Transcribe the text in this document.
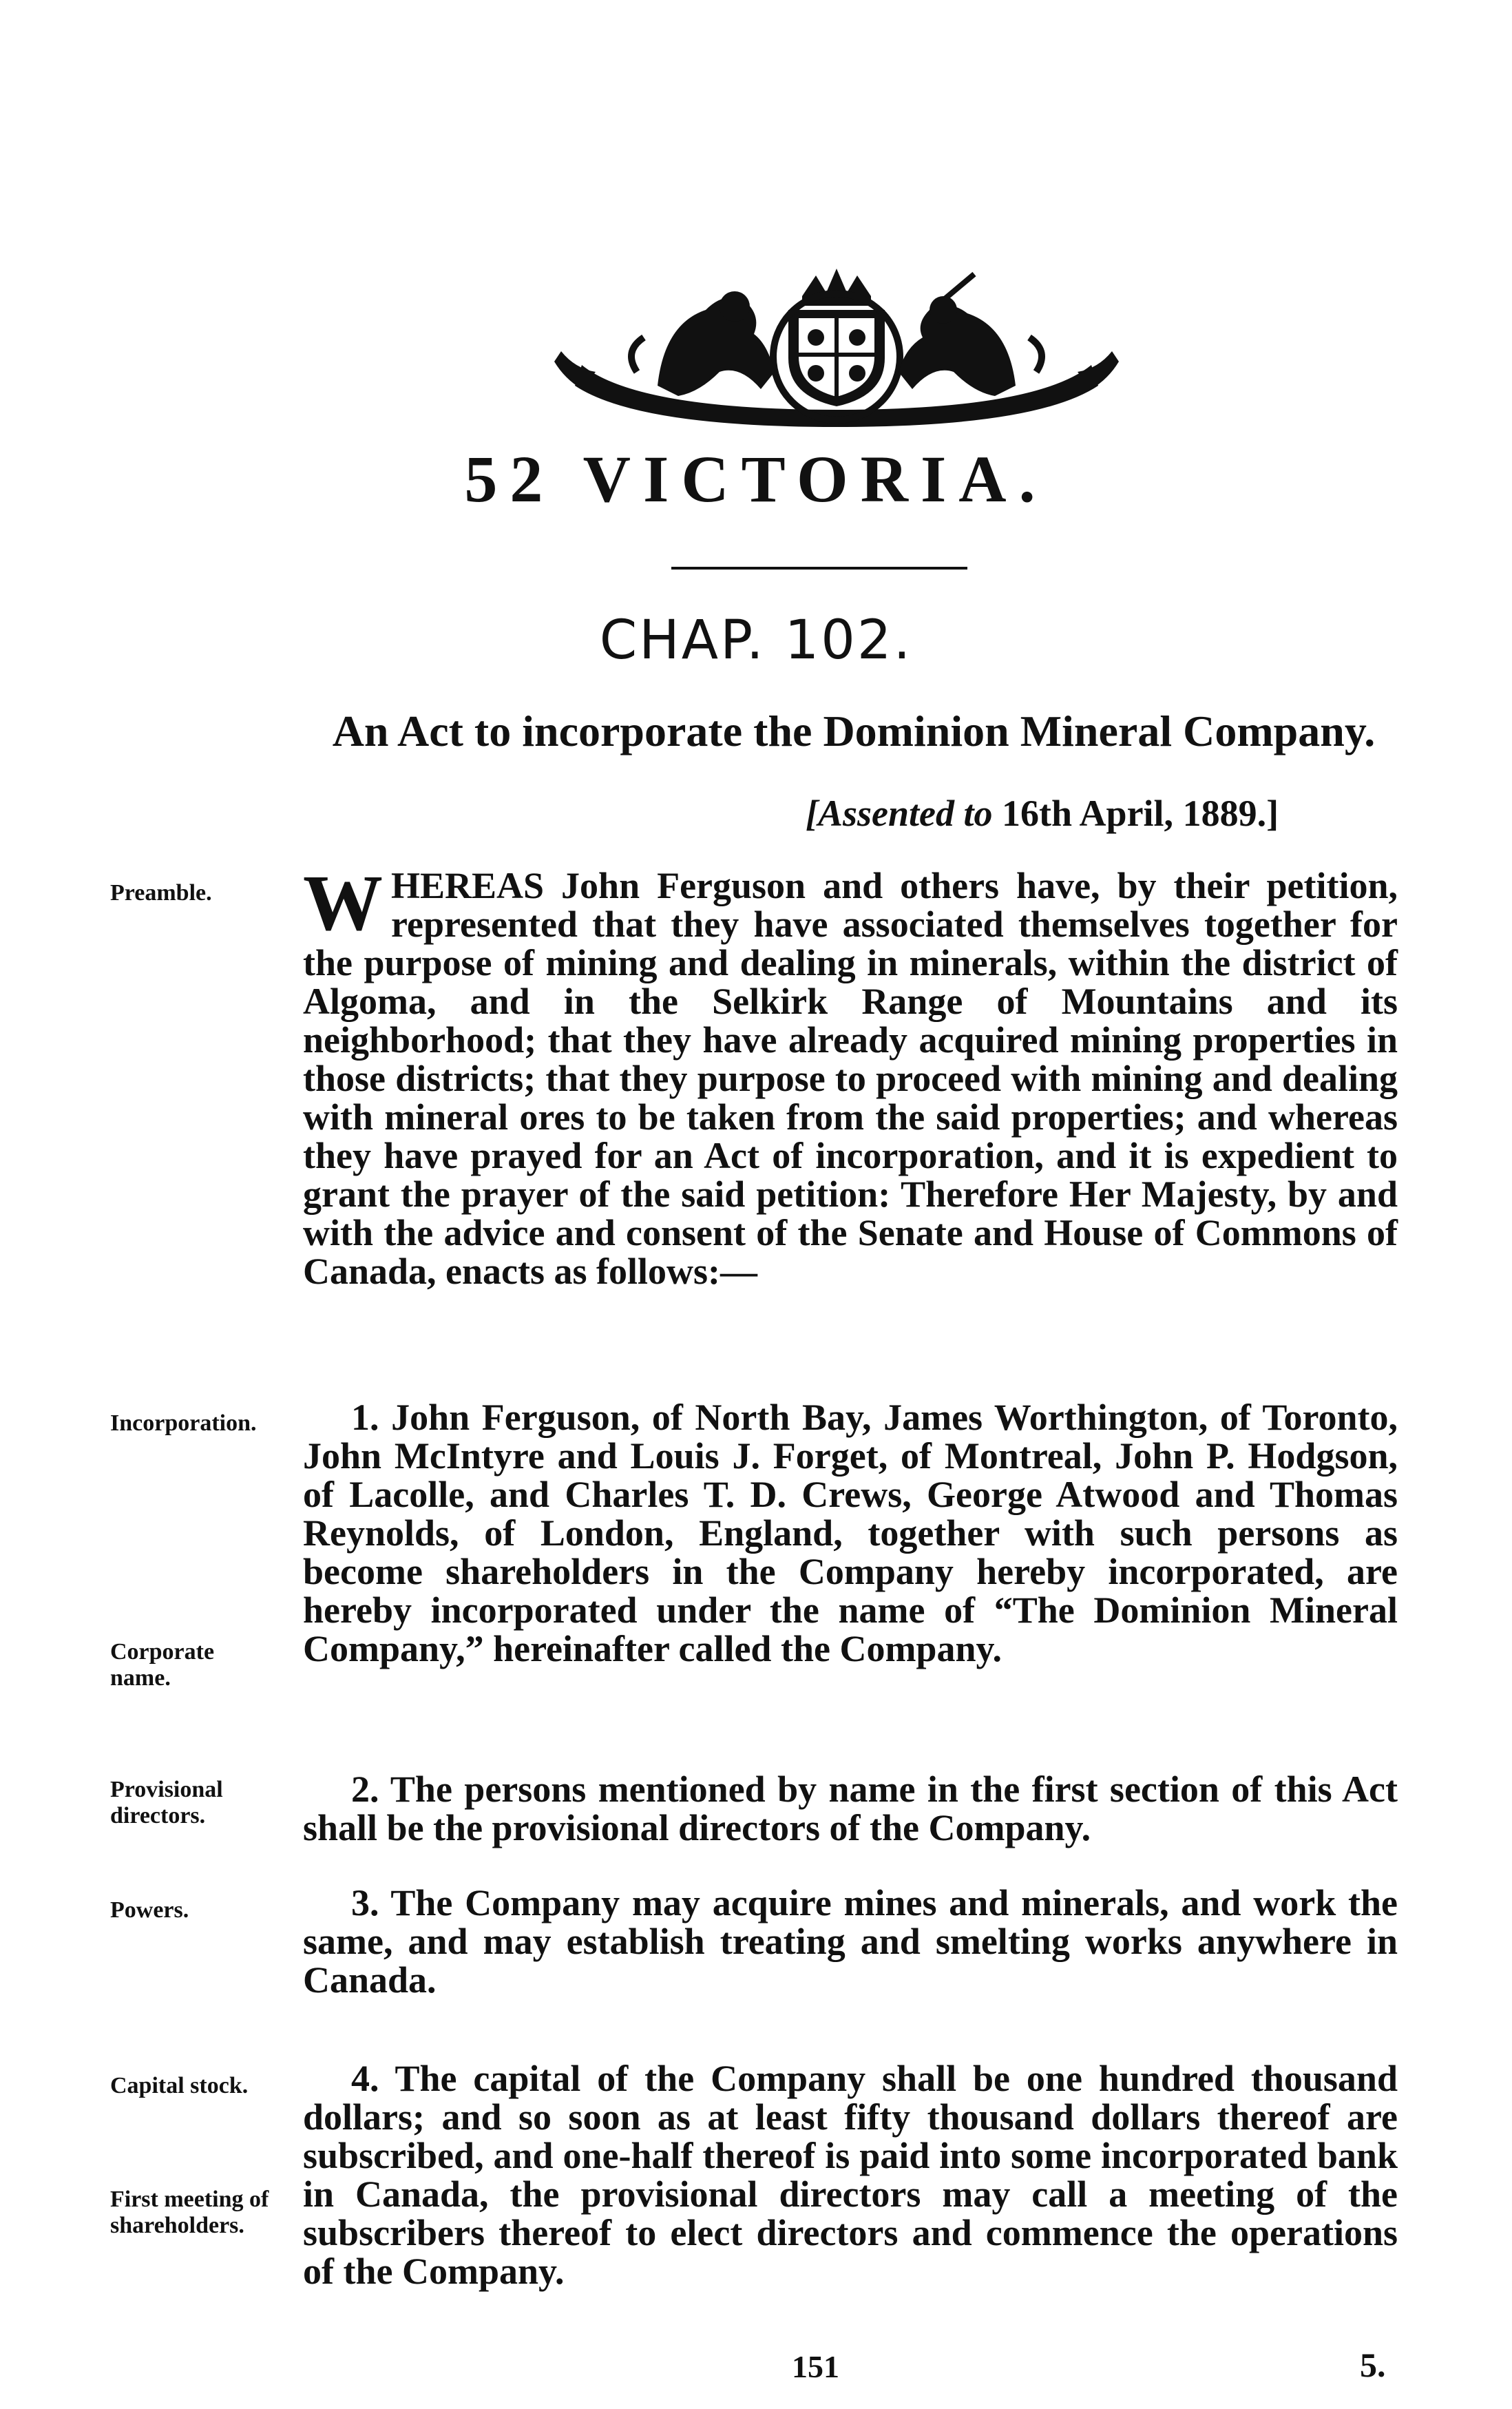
52 VICTORIA.
CHAP. 102.
An Act to incorporate the Dominion Mineral Company.
[Assented to 16th April, 1889.]
Preamble.
Incorporation.
Corporate name.
Provisional directors.
Powers.
Capital stock.
First meeting of shareholders.
WHEREAS John Ferguson and others have, by their petition, represented that they have associated themselves together for the purpose of mining and dealing in minerals, within the district of Algoma, and in the Selkirk Range of Mountains and its neighborhood; that they have already acquired mining properties in those districts; that they purpose to proceed with mining and dealing with mineral ores to be taken from the said properties; and whereas they have prayed for an Act of incorporation, and it is expedient to grant the prayer of the said petition: Therefore Her Majesty, by and with the advice and consent of the Senate and House of Commons of Canada, enacts as follows:—
1. John Ferguson, of North Bay, James Worthington, of Toronto, John McIntyre and Louis J. Forget, of Montreal, John P. Hodgson, of Lacolle, and Charles T. D. Crews, George Atwood and Thomas Reynolds, of London, England, together with such persons as become shareholders in the Company hereby incorporated, are hereby incorporated under the name of “The Dominion Mineral Company,” hereinafter called the Company.
2. The persons mentioned by name in the first section of this Act shall be the provisional directors of the Company.
3. The Company may acquire mines and minerals, and work the same, and may establish treating and smelting works anywhere in Canada.
4. The capital of the Company shall be one hundred thousand dollars; and so soon as at least fifty thousand dollars thereof are subscribed, and one-half thereof is paid into some incorporated bank in Canada, the provisional directors may call a meeting of the subscribers thereof to elect directors and commence the operations of the Company.
151	5.
